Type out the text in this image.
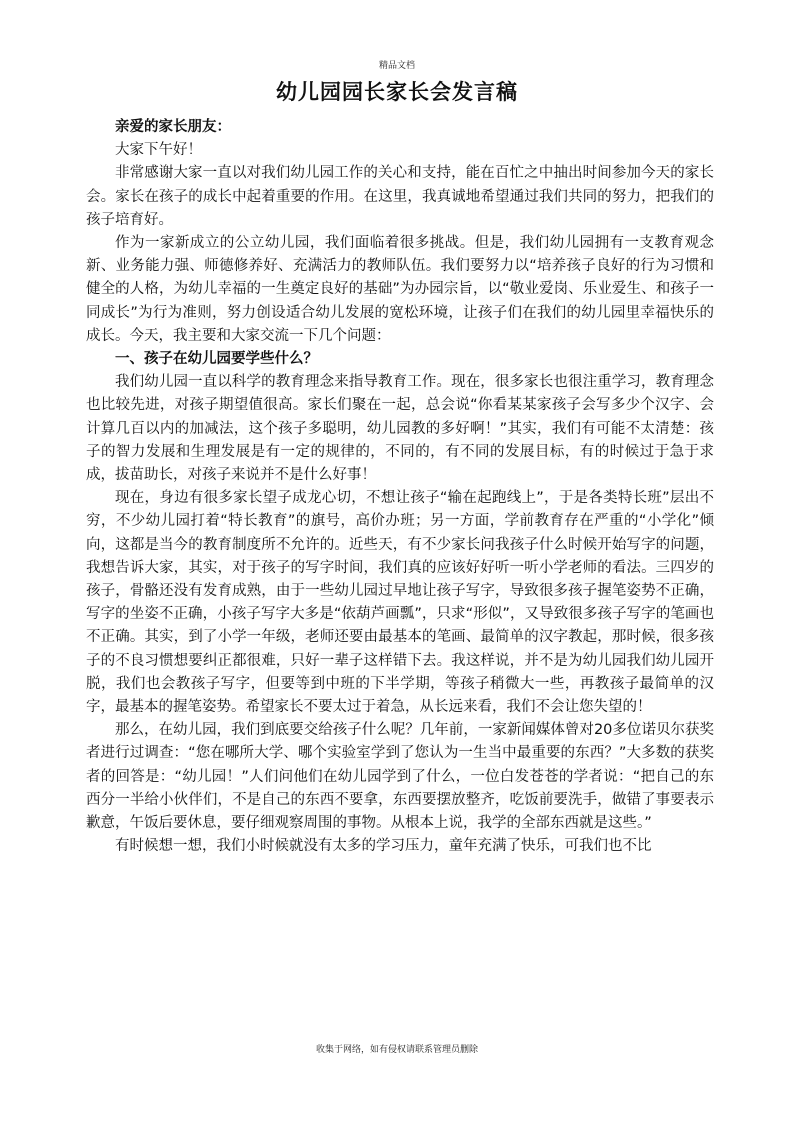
精品文档
幼儿园园长家长会发言稿

亲爱的家长朋友：

大家下午好！

非常感谢大家一直以对我们幼儿园工作的关心和支持，能在百忙之中抽出时间参加今天的家长会。家长在孩子的成长中起着重要的作用。在这里，我真诚地希望通过我们共同的努力，把我们的孩子培育好。

作为一家新成立的公立幼儿园，我们面临着很多挑战。但是，我们幼儿园拥有一支教育观念新、业务能力强、师德修养好、充满活力的教师队伍。我们要努力以“培养孩子良好的行为习惯和健全的人格，为幼儿幸福的一生奠定良好的基础”为办园宗旨，以“敬业爱岗、乐业爱生、和孩子一同成长”为行为准则，努力创设适合幼儿发展的宽松环境，让孩子们在我们的幼儿园里幸福快乐的成长。今天，我主要和大家交流一下几个问题：

一、孩子在幼儿园要学些什么？

我们幼儿园一直以科学的教育理念来指导教育工作。现在，很多家长也很注重学习，教育理念也比较先进，对孩子期望值很高。家长们聚在一起，总会说“你看某某家孩子会写多少个汉字、会计算几百以内的加减法，这个孩子多聪明，幼儿园教的多好啊！”其实，我们有可能不太清楚：孩子的智力发展和生理发展是有一定的规律的，不同的，有不同的发展目标，有的时候过于急于求成，拔苗助长，对孩子来说并不是什么好事！

现在，身边有很多家长望子成龙心切，不想让孩子“输在起跑线上”，于是各类特长班”层出不穷，不少幼儿园打着“特长教育”的旗号，高价办班；另一方面，学前教育存在严重的“小学化”倾向，这都是当今的教育制度所不允许的。近些天，有不少家长问我孩子什么时候开始写字的问题，我想告诉大家，其实，对于孩子的写字时间，我们真的应该好好听一听小学老师的看法。三四岁的孩子，骨骼还没有发育成熟，由于一些幼儿园过早地让孩子写字，导致很多孩子握笔姿势不正确，写字的坐姿不正确，小孩子写字大多是“依葫芦画瓢”，只求“形似”，又导致很多孩子写字的笔画也不正确。其实，到了小学一年级，老师还要由最基本的笔画、最简单的汉字教起，那时候，很多孩子的不良习惯想要纠正都很难，只好一辈子这样错下去。我这样说，并不是为幼儿园我们幼儿园开脱，我们也会教孩子写字，但要等到中班的下半学期，等孩子稍微大一些，再教孩子最简单的汉字，最基本的握笔姿势。希望家长不要太过于着急，从长远来看，我们不会让您失望的！

那么，在幼儿园，我们到底要交给孩子什么呢？几年前，一家新闻媒体曾对20多位诺贝尔获奖者进行过调查：“您在哪所大学、哪个实验室学到了您认为一生当中最重要的东西？”大多数的获奖者的回答是：“幼儿园！”人们问他们在幼儿园学到了什么，一位白发苍苍的学者说：“把自己的东西分一半给小伙伴们，不是自己的东西不要拿，东西要摆放整齐，吃饭前要洗手，做错了事要表示歉意，午饭后要休息，要仔细观察周围的事物。从根本上说，我学的全部东西就是这些。”

有时候想一想，我们小时候就没有太多的学习压力，童年充满了快乐，可我们也不比

收集于网络，如有侵权请联系管理员删除
